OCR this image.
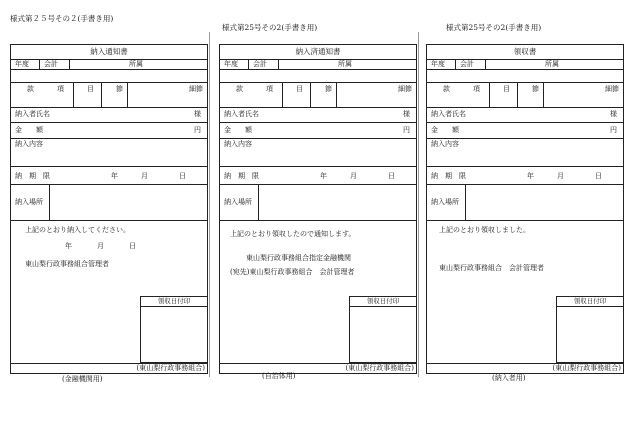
様式第２５号その２(手書き用)
様式第25号その2(手書き用)	様式第25号その2(手書き用)
納入通知書
年度 会計	所属
款	項	目	節	細節
納入者氏名	様
金　　額	円
納入内容
納　期　限	年	月	日
納入場所
上記のとおり納入してください。
年	月	日
東山梨行政事務組合管理者
領収日付印
(東山梨行政事務組合)
(金融機関用)
納入済通知書
年度 会計	所属
款	項	目	節	細節
納入者氏名	様
金　　額	円
納入内容
納　期　限	年	月	日
納入場所
上記のとおり領収したので通知します。
東山梨行政事務組合指定金融機関
(宛先)東山梨行政事務組合　会計管理者
領収日付印
(東山梨行政事務組合)
(自治体用)
領収書
年度 会計	所属
款	項	目	節	細節
納入者氏名	様
金　　額	円
納入内容
納　期　限	年	月	日
納入場所
上記のとおり領収しました。
東山梨行政事務組合　会計管理者
領収日付印
(東山梨行政事務組合)
(納入者用)
